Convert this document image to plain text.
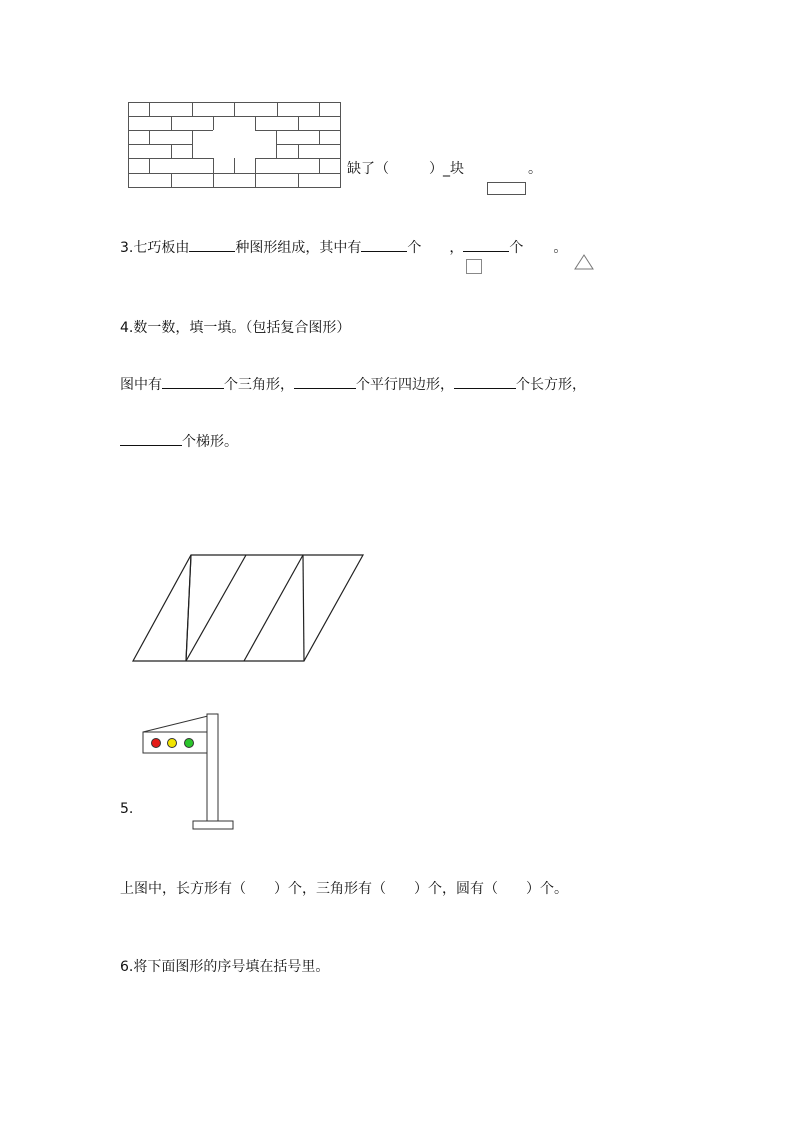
缺了（	）_块	。
3.七巧板由	种图形组成，其中有	个 ，	个 。
4.数一数，填一填。（包括复合图形）
图中有	个三角形，	个平行四边形，	个长方形，
个梯形。
5.
上图中，长方形有（　　）个，三角形有（　　）个，圆有（　　）个。
6.将下面图形的序号填在括号里。
